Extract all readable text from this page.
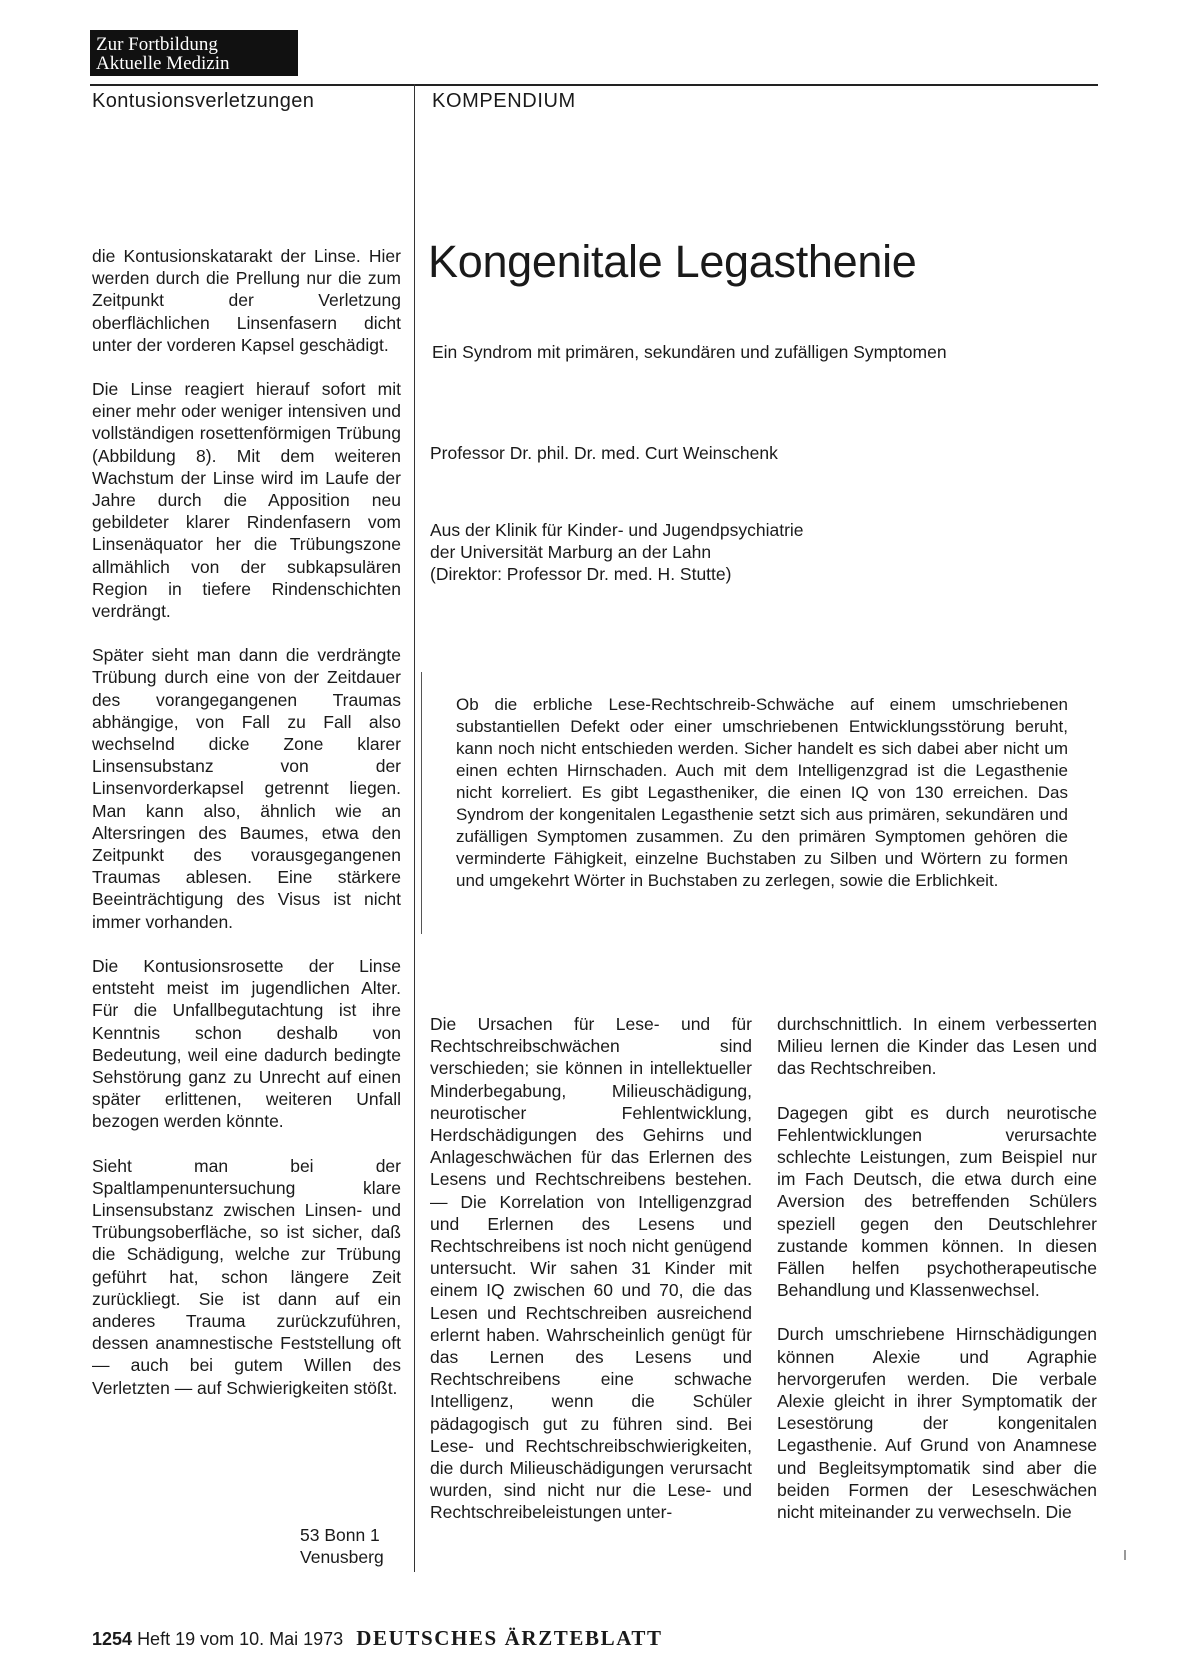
Zur Fortbildung
Aktuelle Medizin
Kontusionsverletzungen	KOMPENDIUM
Kongenitale Legasthenie
Ein Syndrom mit primären, sekundären und zufälligen Symptomen
Professor Dr. phil. Dr. med. Curt Weinschenk
Aus der Klinik für Kinder- und Jugendpsychiatrie
der Universität Marburg an der Lahn
(Direktor: Professor Dr. med. H. Stutte)

die Kontusionskatarakt der Linse. Hier werden durch die Prellung nur die zum Zeitpunkt der Verletzung oberflächlichen Linsenfasern dicht unter der vorderen Kapsel geschädigt.

Die Linse reagiert hierauf sofort mit einer mehr oder weniger intensiven und vollständigen rosettenförmigen Trübung (Abbildung 8). Mit dem weiteren Wachstum der Linse wird im Laufe der Jahre durch die Apposition neu gebildeter klarer Rindenfasern vom Linsenäquator her die Trübungszone allmählich von der subkapsulären Region in tiefere Rindenschichten verdrängt.

Später sieht man dann die verdrängte Trübung durch eine von der Zeitdauer des vorangegangenen Traumas abhängige, von Fall zu Fall also wechselnd dicke Zone klarer Linsensubstanz von der Linsenvorderkapsel getrennt liegen. Man kann also, ähnlich wie an Altersringen des Baumes, etwa den Zeitpunkt des vorausgegangenen Traumas ablesen. Eine stärkere Beeinträchtigung des Visus ist nicht immer vorhanden.

Die Kontusionsrosette der Linse entsteht meist im jugendlichen Alter. Für die Unfallbegutachtung ist ihre Kenntnis schon deshalb von Bedeutung, weil eine dadurch bedingte Sehstörung ganz zu Unrecht auf einen später erlittenen, weiteren Unfall bezogen werden könnte.

Sieht man bei der Spaltlampenuntersuchung klare Linsensubstanz zwischen Linsen- und Trübungsoberfläche, so ist sicher, daß die Schädigung, welche zur Trübung geführt hat, schon längere Zeit zurückliegt. Sie ist dann auf ein anderes Trauma zurückzuführen, dessen anamnestische Feststellung oft — auch bei gutem Willen des Verletzten — auf Schwierigkeiten stößt.

53 Bonn 1
Venusberg
Ob die erbliche Lese-Rechtschreib-Schwäche auf einem umschriebenen substantiellen Defekt oder einer umschriebenen Entwicklungsstörung beruht, kann noch nicht entschieden werden. Sicher handelt es sich dabei aber nicht um einen echten Hirnschaden. Auch mit dem Intelligenzgrad ist die Legasthenie nicht korreliert. Es gibt Legastheniker, die einen IQ von 130 erreichen. Das Syndrom der kongenitalen Legasthenie setzt sich aus primären, sekundären und zufälligen Symptomen zusammen. Zu den primären Symptomen gehören die verminderte Fähigkeit, einzelne Buchstaben zu Silben und Wörtern zu formen und umgekehrt Wörter in Buchstaben zu zerlegen, sowie die Erblichkeit.

Die Ursachen für Lese- und für Rechtschreibschwächen sind verschieden; sie können in intellektueller Minderbegabung, Milieuschädigung, neurotischer Fehlentwicklung, Herdschädigungen des Gehirns und Anlageschwächen für das Erlernen des Lesens und Rechtschreibens bestehen. — Die Korrelation von Intelligenzgrad und Erlernen des Lesens und Rechtschreibens ist noch nicht genügend untersucht. Wir sahen 31 Kinder mit einem IQ zwischen 60 und 70, die das Lesen und Rechtschreiben ausreichend erlernt haben. Wahrscheinlich genügt für das Lernen des Lesens und Rechtschreibens eine schwache Intelligenz, wenn die Schüler pädagogisch gut zu führen sind. Bei Lese- und Rechtschreibschwierigkeiten, die durch Milieuschädigungen verursacht wurden, sind nicht nur die Lese- und Rechtschreibeleistungen unter-

durchschnittlich. In einem verbesserten Milieu lernen die Kinder das Lesen und das Rechtschreiben.

Dagegen gibt es durch neurotische Fehlentwicklungen verursachte schlechte Leistungen, zum Beispiel nur im Fach Deutsch, die etwa durch eine Aversion des betreffenden Schülers speziell gegen den Deutschlehrer zustande kommen können. In diesen Fällen helfen psychotherapeutische Behandlung und Klassenwechsel.

Durch umschriebene Hirnschädigungen können Alexie und Agraphie hervorgerufen werden. Die verbale Alexie gleicht in ihrer Symptomatik der Lesestörung der kongenitalen Legasthenie. Auf Grund von Anamnese und Begleitsymptomatik sind aber die beiden Formen der Leseschwächen nicht miteinander zu verwechseln. Die

1254 Heft 19 vom 10. Mai 1973 DEUTSCHES ÄRZTEBLATT
